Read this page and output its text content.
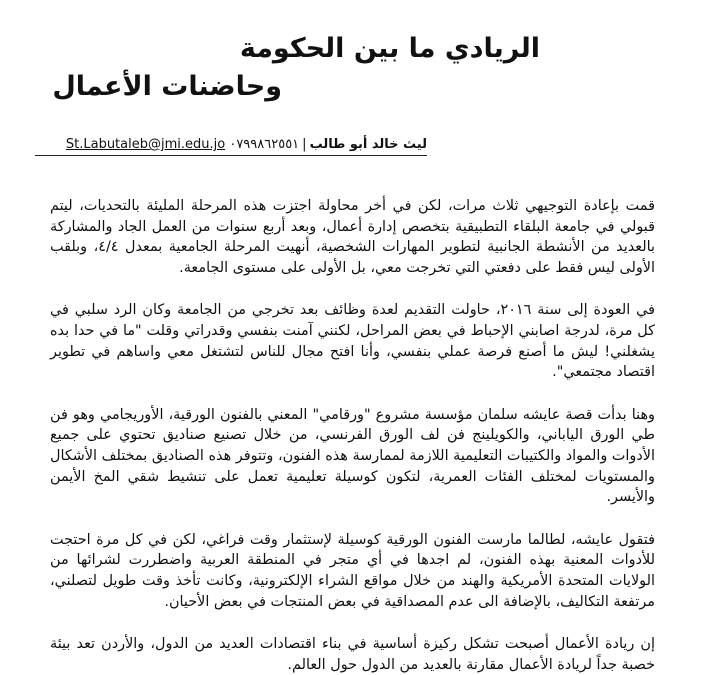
الريادي ما بين الحكومة
وحاضنات الأعمال
ليث خالد أبو طالب|St.Labutaleb@jmi.edu.jo ٠٧٩٩٨٦٢٥٥١

قمت بإعادة التوجيهي ثلاث مرات، لكن في أخر محاولة اجتزت هذه المرحلة المليئة بالتحديات، ليتم قبولي في جامعة البلقاء التطبيقية بتخصص إدارة أعمال، وبعد أربع سنوات من العمل الجاد والمشاركة بالعديد من الأنشطة الجانبية لتطوير المهارات الشخصية، أنهيت المرحلة الجامعية بمعدل ٤/٤، وبلقب الأولى ليس فقط على دفعتي التي تخرجت معي، بل الأولى على مستوى الجامعة.

في العودة إلى سنة ٢٠١٦، حاولت التقديم لعدة وظائف بعد تخرجي من الجامعة وكان الرد سلبي في كل مرة، لدرجة اصابني الإحباط في بعض المراحل، لكنني آمنت بنفسي وقدراتي وقلت "ما في حدا بده يشغلني! ليش ما أصنع فرصة عملي بنفسي، وأنا افتح مجال للناس لتشتغل معي واساهم في تطوير اقتصاد مجتمعي".

وهنا بدأت قصة عايشه سلمان مؤسسة مشروع "ورقامي" المعني بالفنون الورقية، الأوريجامي وهو فن طي الورق الياباني، والكويلينج فن لف الورق الفرنسي، من خلال تصنيع صناديق تحتوي على جميع الأدوات والمواد والكتيبات التعليمية اللازمة لممارسة هذه الفنون، وتتوفر هذه الصناديق بمختلف الأشكال والمستويات لمختلف الفئات العمرية، لتكون كوسيلة تعليمية تعمل على تنشيط شقي المخ الأيمن والأيسر.

فتقول عايشه، لطالما مارست الفنون الورقية كوسيلة لإستثمار وقت فراغي، لكن في كل مرة احتجت للأدوات المعنية بهذه الفنون، لم اجدها في أي متجر في المنطقة العربية واضطررت لشرائها من الولايات المتحدة الأمريكية والهند من خلال مواقع الشراء الإلكترونية، وكانت تأخذ وقت طويل لتصلني، مرتفعة التكاليف، بالإضافة الى عدم المصداقية في بعض المنتجات في بعض الأحيان.

إن ريادة الأعمال أصبحت تشكل ركيزة أساسية في بناء اقتصادات العديد من الدول، والأردن تعد بيئة خصبة جداً لريادة الأعمال مقارنة بالعديد من الدول حول العالم.
